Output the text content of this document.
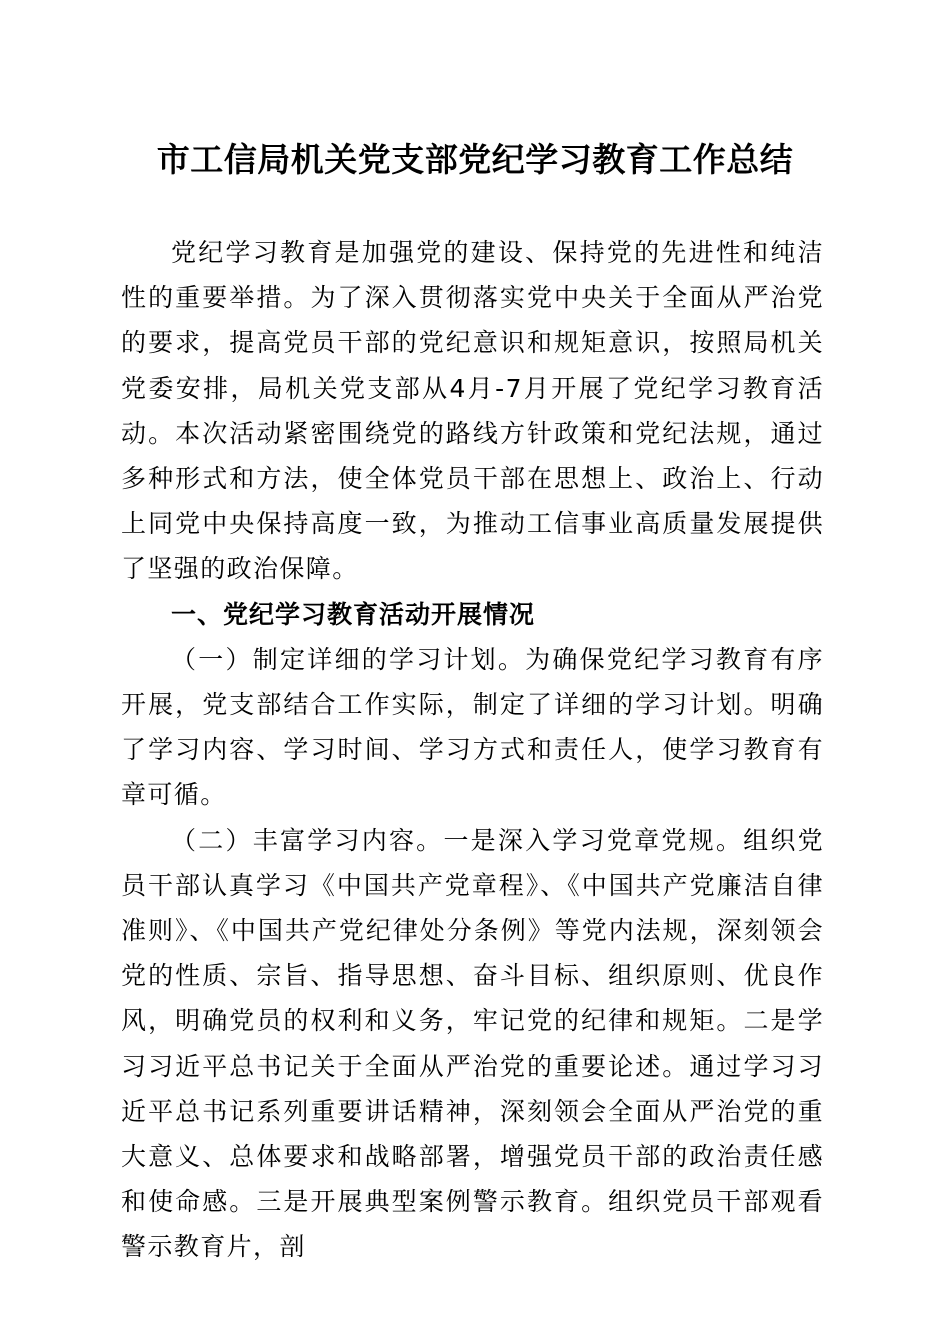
市工信局机关党支部党纪学习教育工作总结

党纪学习教育是加强党的建设、保持党的先进性和纯洁性的重要举措。为了深入贯彻落实党中央关于全面从严治党的要求，提高党员干部的党纪意识和规矩意识，按照局机关党委安排，局机关党支部从4月-7月开展了党纪学习教育活动。本次活动紧密围绕党的路线方针政策和党纪法规，通过多种形式和方法，使全体党员干部在思想上、政治上、行动上同党中央保持高度一致，为推动工信事业高质量发展提供了坚强的政治保障。

一、党纪学习教育活动开展情况

（一）制定详细的学习计划。为确保党纪学习教育有序开展，党支部结合工作实际，制定了详细的学习计划。明确了学习内容、学习时间、学习方式和责任人，使学习教育有章可循。

（二）丰富学习内容。一是深入学习党章党规。组织党员干部认真学习《中国共产党章程》、《中国共产党廉洁自律准则》、《中国共产党纪律处分条例》等党内法规，深刻领会党的性质、宗旨、指导思想、奋斗目标、组织原则、优良作风，明确党员的权利和义务，牢记党的纪律和规矩。二是学习习近平总书记关于全面从严治党的重要论述。通过学习习近平总书记系列重要讲话精神，深刻领会全面从严治党的重大意义、总体要求和战略部署，增强党员干部的政治责任感和使命感。三是开展典型案例警示教育。组织党员干部观看警示教育片，剖
